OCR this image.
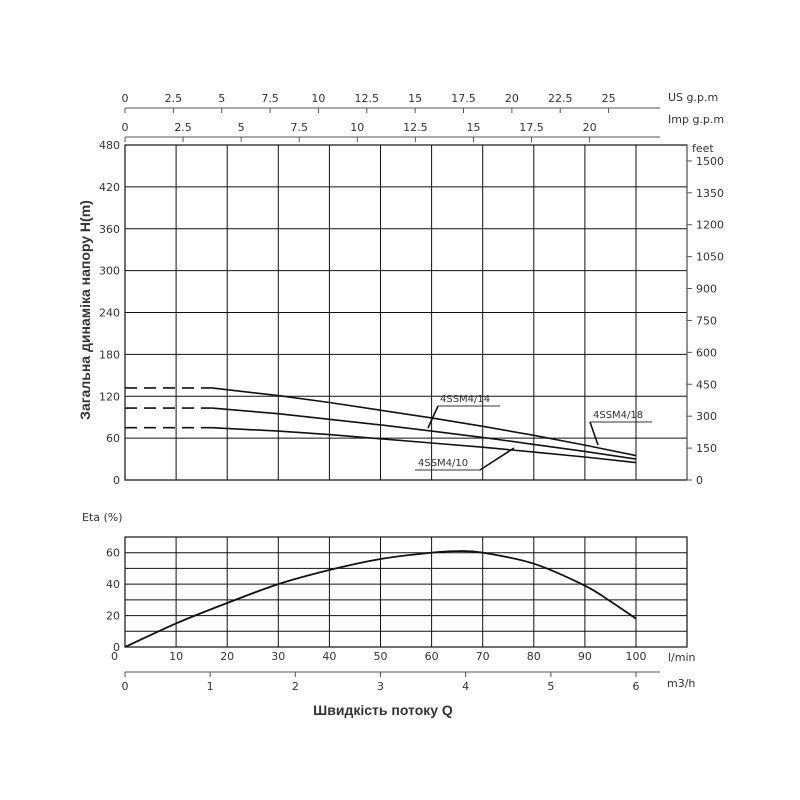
0	2.5	5	7.5	10	12.5	15	17.5	20	22.5	25	US g.p.m
0	2.5	5	7.5	10	12.5	15	17.5	20
Imp g.p.m
0
60
120
180
240
300
360
420
480
0
150
300
450
600
750
900
1050
1200
1350
1500
feet
Загальна динаміка напору H(m)	4SSM4/14
4SSM4/18
4SSM4/10
Eta (%)
0
20
40
60
0	10	20	30	40	50	60	70	80	90	100 l/min
0	1	2	3	4	5	6	m3/h
Швидкість потоку Q
